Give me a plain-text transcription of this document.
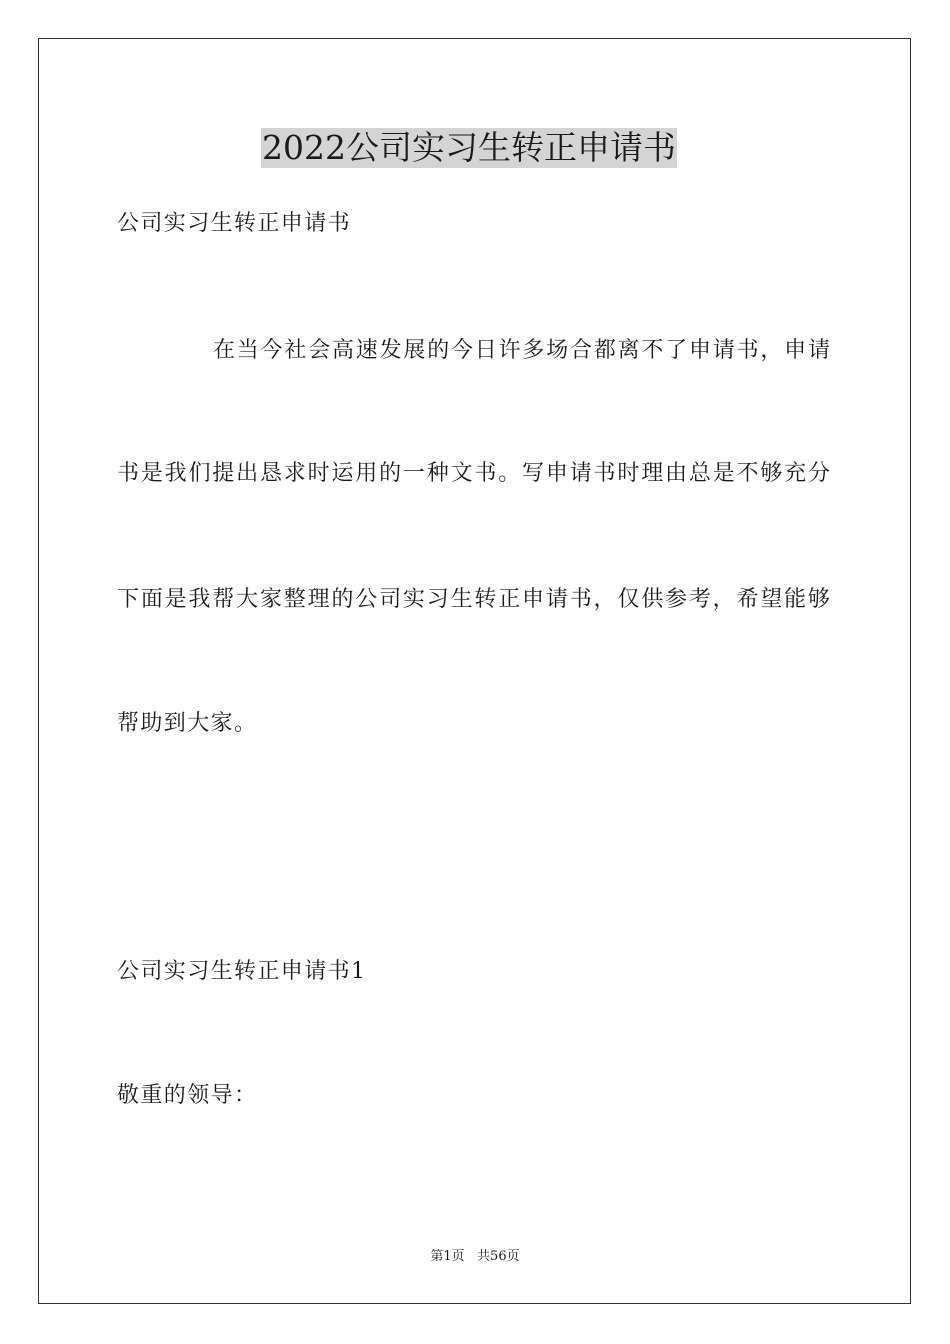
2022公司实习生转正申请书
公司实习生转正申请书
在当今社会高速发展的今日许多场合都离不了申请书，申请
书是我们提出恳求时运用的一种文书。写申请书时理由总是不够充分
下面是我帮大家整理的公司实习生转正申请书，仅供参考，希望能够
帮助到大家。
公司实习生转正申请书1
敬重的领导：
第1页   共56页
